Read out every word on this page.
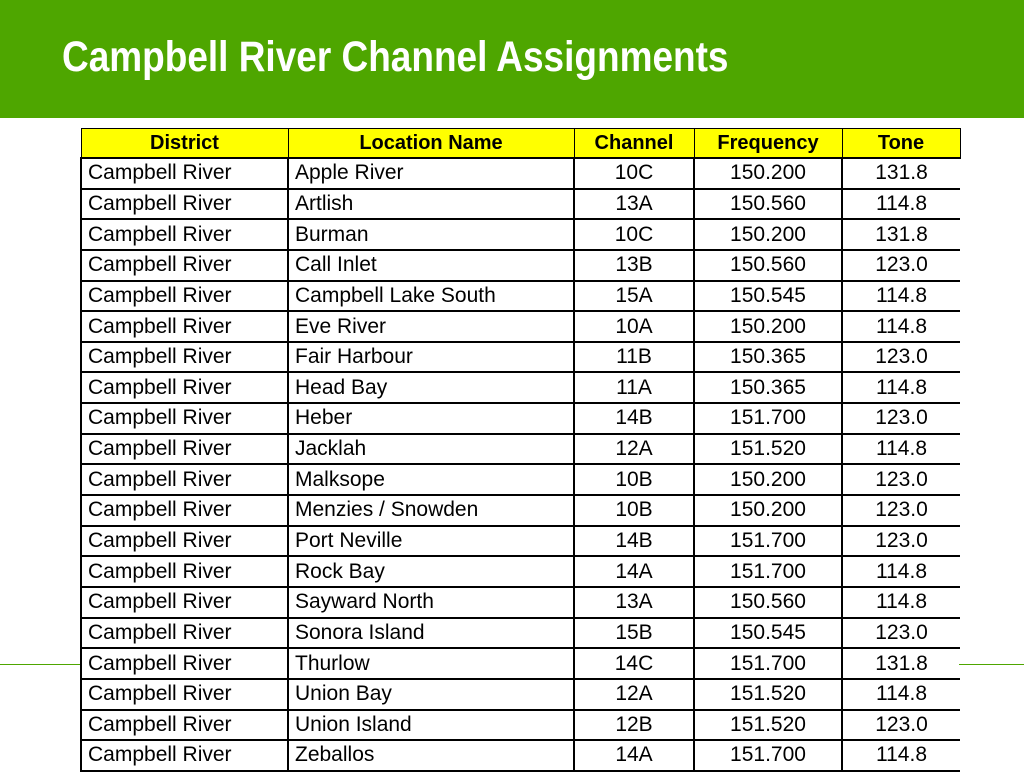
Campbell River Channel Assignments
District	Location Name	Channel	Frequency	Tone
Campbell River	Apple River	10C	150.200	131.8
Campbell River	Artlish	13A	150.560	114.8
Campbell River	Burman	10C	150.200	131.8
Campbell River	Call Inlet	13B	150.560	123.0
Campbell River	Campbell Lake South	15A	150.545	114.8
Campbell River	Eve River	10A	150.200	114.8
Campbell River	Fair Harbour	11B	150.365	123.0
Campbell River	Head Bay	11A	150.365	114.8
Campbell River	Heber	14B	151.700	123.0
Campbell River	Jacklah	12A	151.520	114.8
Campbell River	Malksope	10B	150.200	123.0
Campbell River	Menzies / Snowden	10B	150.200	123.0
Campbell River	Port Neville	14B	151.700	123.0
Campbell River	Rock Bay	14A	151.700	114.8
Campbell River	Sayward North	13A	150.560	114.8
Campbell River	Sonora Island	15B	150.545	123.0
Campbell River	Thurlow	14C	151.700	131.8
Campbell River	Union Bay	12A	151.520	114.8
Campbell River	Union Island	12B	151.520	123.0
Campbell River	Zeballos	14A	151.700	114.8
